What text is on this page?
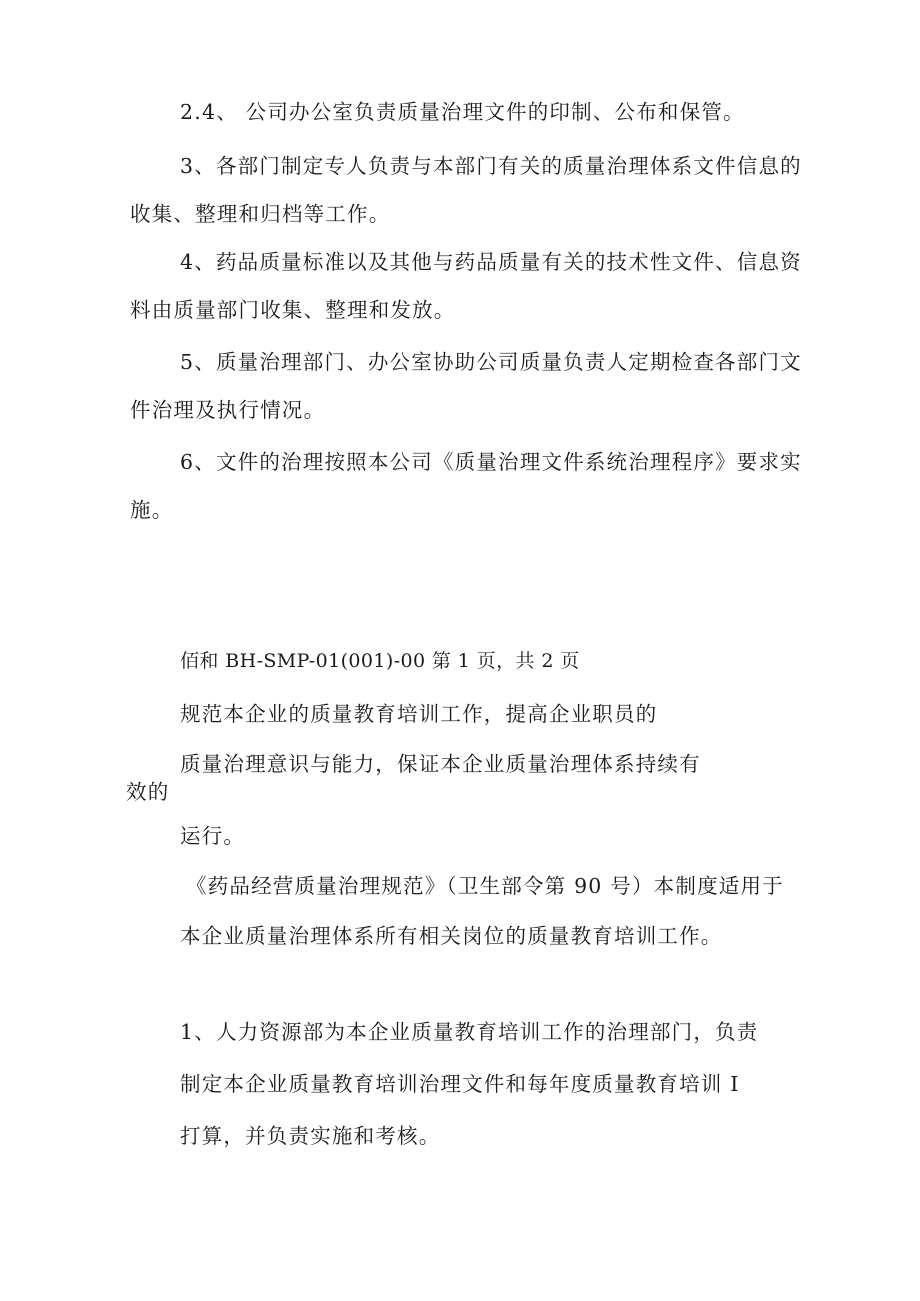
2.4、 公司办公室负责质量治理文件的印制、公布和保管。
3、各部门制定专人负责与本部门有关的质量治理体系文件信息的
收集、整理和归档等工作。
4、药品质量标准以及其他与药品质量有关的技术性文件、信息资
料由质量部门收集、整理和发放。
5、质量治理部门、办公室协助公司质量负责人定期检查各部门文
件治理及执行情况。
6、文件的治理按照本公司《质量治理文件系统治理程序》要求实
施。
佰和 BH-SMP-01(001)-00 第 1 页，共 2 页
规范本企业的质量教育培训工作，提高企业职员的
质量治理意识与能力，保证本企业质量治理体系持续有
效的
运行。
《药品经营质量治理规范》（卫生部令第 90 号）本制度适用于
本企业质量治理体系所有相关岗位的质量教育培训工作。
1、人力资源部为本企业质量教育培训工作的治理部门，负责
制定本企业质量教育培训治理文件和每年度质量教育培训 I
打算，并负责实施和考核。
